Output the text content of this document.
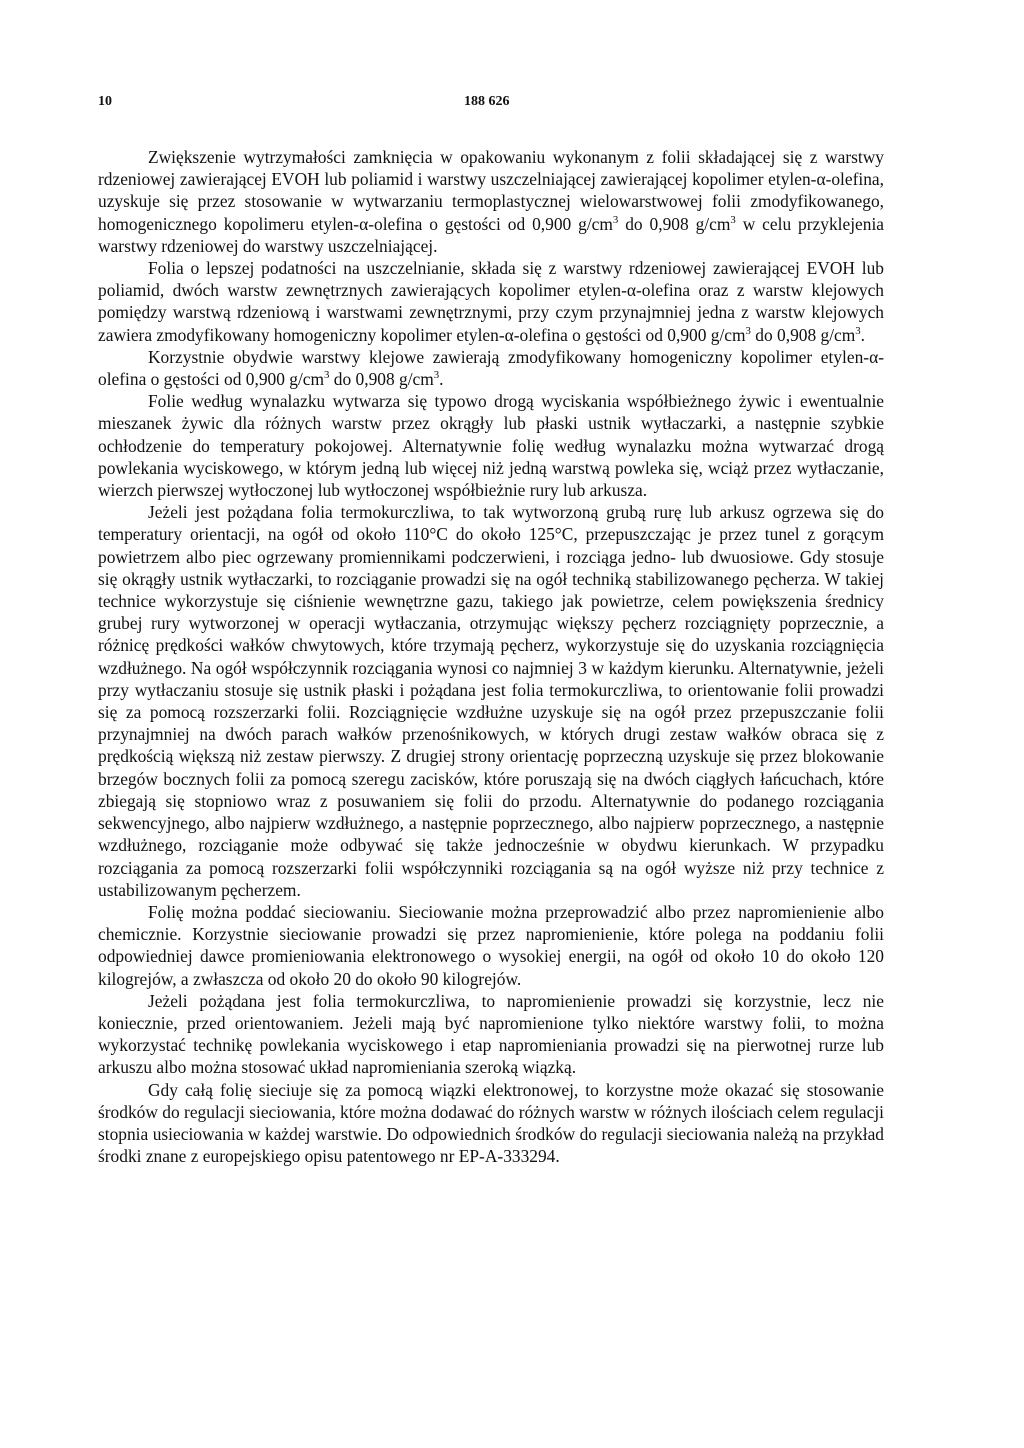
10	188 626

Zwiększenie wytrzymałości zamknięcia w opakowaniu wykonanym z folii składającej się z warstwy rdzeniowej zawierającej EVOH lub poliamid i warstwy uszczelniającej zawierającej kopolimer etylen-α-olefina, uzyskuje się przez stosowanie w wytwarzaniu termoplastycznej wielowarstwowej folii zmodyfikowanego, homogenicznego kopolimeru etylen-α-olefina o gęstości od 0,900 $g/cm^3$ do 0,908 $g/cm^3$ w celu przyklejenia warstwy rdzeniowej do warstwy uszczelniającej.

Folia o lepszej podatności na uszczelnianie, składa się z warstwy rdzeniowej zawierającej EVOH lub poliamid, dwóch warstw zewnętrznych zawierających kopolimer etylen-α-olefina oraz z warstw klejowych pomiędzy warstwą rdzeniową i warstwami zewnętrznymi, przy czym przynajmniej jedna z warstw klejowych zawiera zmodyfikowany homogeniczny kopolimer etylen-α-olefina o gęstości od 0,900 $g/cm^3$ do 0,908 $g/cm^3$.

Korzystnie obydwie warstwy klejowe zawierają zmodyfikowany homogeniczny kopolimer etylen-α-olefina o gęstości od 0,900 $g/cm^3$ do 0,908 $g/cm^3$.

Folie według wynalazku wytwarza się typowo drogą wyciskania współbieżnego żywic i ewentualnie mieszanek żywic dla różnych warstw przez okrągły lub płaski ustnik wytłaczarki, a następnie szybkie ochłodzenie do temperatury pokojowej. Alternatywnie folię według wynalazku można wytwarzać drogą powlekania wyciskowego, w którym jedną lub więcej niż jedną warstwą powleka się, wciąż przez wytłaczanie, wierzch pierwszej wytłoczonej lub wytłoczonej współbieżnie rury lub arkusza.

Jeżeli jest pożądana folia termokurczliwa, to tak wytworzoną grubą rurę lub arkusz ogrzewa się do temperatury orientacji, na ogół od około 110°C do około 125°C, przepuszczając je przez tunel z gorącym powietrzem albo piec ogrzewany promiennikami podczerwieni, i rozciąga jedno- lub dwuosiowe. Gdy stosuje się okrągły ustnik wytłaczarki, to rozciąganie prowadzi się na ogół techniką stabilizowanego pęcherza. W takiej technice wykorzystuje się ciśnienie wewnętrzne gazu, takiego jak powietrze, celem powiększenia średnicy grubej rury wytworzonej w operacji wytłaczania, otrzymując większy pęcherz rozciągnięty poprzecznie, a różnicę prędkości wałków chwytowych, które trzymają pęcherz, wykorzystuje się do uzyskania rozciągnięcia wzdłużnego. Na ogół współczynnik rozciągania wynosi co najmniej 3 w każdym kierunku. Alternatywnie, jeżeli przy wytłaczaniu stosuje się ustnik płaski i pożądana jest folia termokurczliwa, to orientowanie folii prowadzi się za pomocą rozszerzarki folii. Rozciągnięcie wzdłużne uzyskuje się na ogół przez przepuszczanie folii przynajmniej na dwóch parach wałków przenośnikowych, w których drugi zestaw wałków obraca się z prędkością większą niż zestaw pierwszy. Z drugiej strony orientację poprzeczną uzyskuje się przez blokowanie brzegów bocznych folii za pomocą szeregu zacisków, które poruszają się na dwóch ciągłych łańcuchach, które zbiegają się stopniowo wraz z posuwaniem się folii do przodu. Alternatywnie do podanego rozciągania sekwencyjnego, albo najpierw wzdłużnego, a następnie poprzecznego, albo najpierw poprzecznego, a następnie wzdłużnego, rozciąganie może odbywać się także jednocześnie w obydwu kierunkach. W przypadku rozciągania za pomocą rozszerzarki folii współczynniki rozciągania są na ogół wyższe niż przy technice z ustabilizowanym pęcherzem.

Folię można poddać sieciowaniu. Sieciowanie można przeprowadzić albo przez napromienienie albo chemicznie. Korzystnie sieciowanie prowadzi się przez napromienienie, które polega na poddaniu folii odpowiedniej dawce promieniowania elektronowego o wysokiej energii, na ogół od około 10 do około 120 kilogrejów, a zwłaszcza od około 20 do około 90 kilogrejów.

Jeżeli pożądana jest folia termokurczliwa, to napromienienie prowadzi się korzystnie, lecz nie koniecznie, przed orientowaniem. Jeżeli mają być napromienione tylko niektóre warstwy folii, to można wykorzystać technikę powlekania wyciskowego i etap napromieniania prowadzi się na pierwotnej rurze lub arkuszu albo można stosować układ napromieniania szeroką wiązką.

Gdy całą folię sieciuje się za pomocą wiązki elektronowej, to korzystne może okazać się stosowanie środków do regulacji sieciowania, które można dodawać do różnych warstw w różnych ilościach celem regulacji stopnia usieciowania w każdej warstwie. Do odpowiednich środków do regulacji sieciowania należą na przykład środki znane z europejskiego opisu patentowego nr EP-A-333294.
